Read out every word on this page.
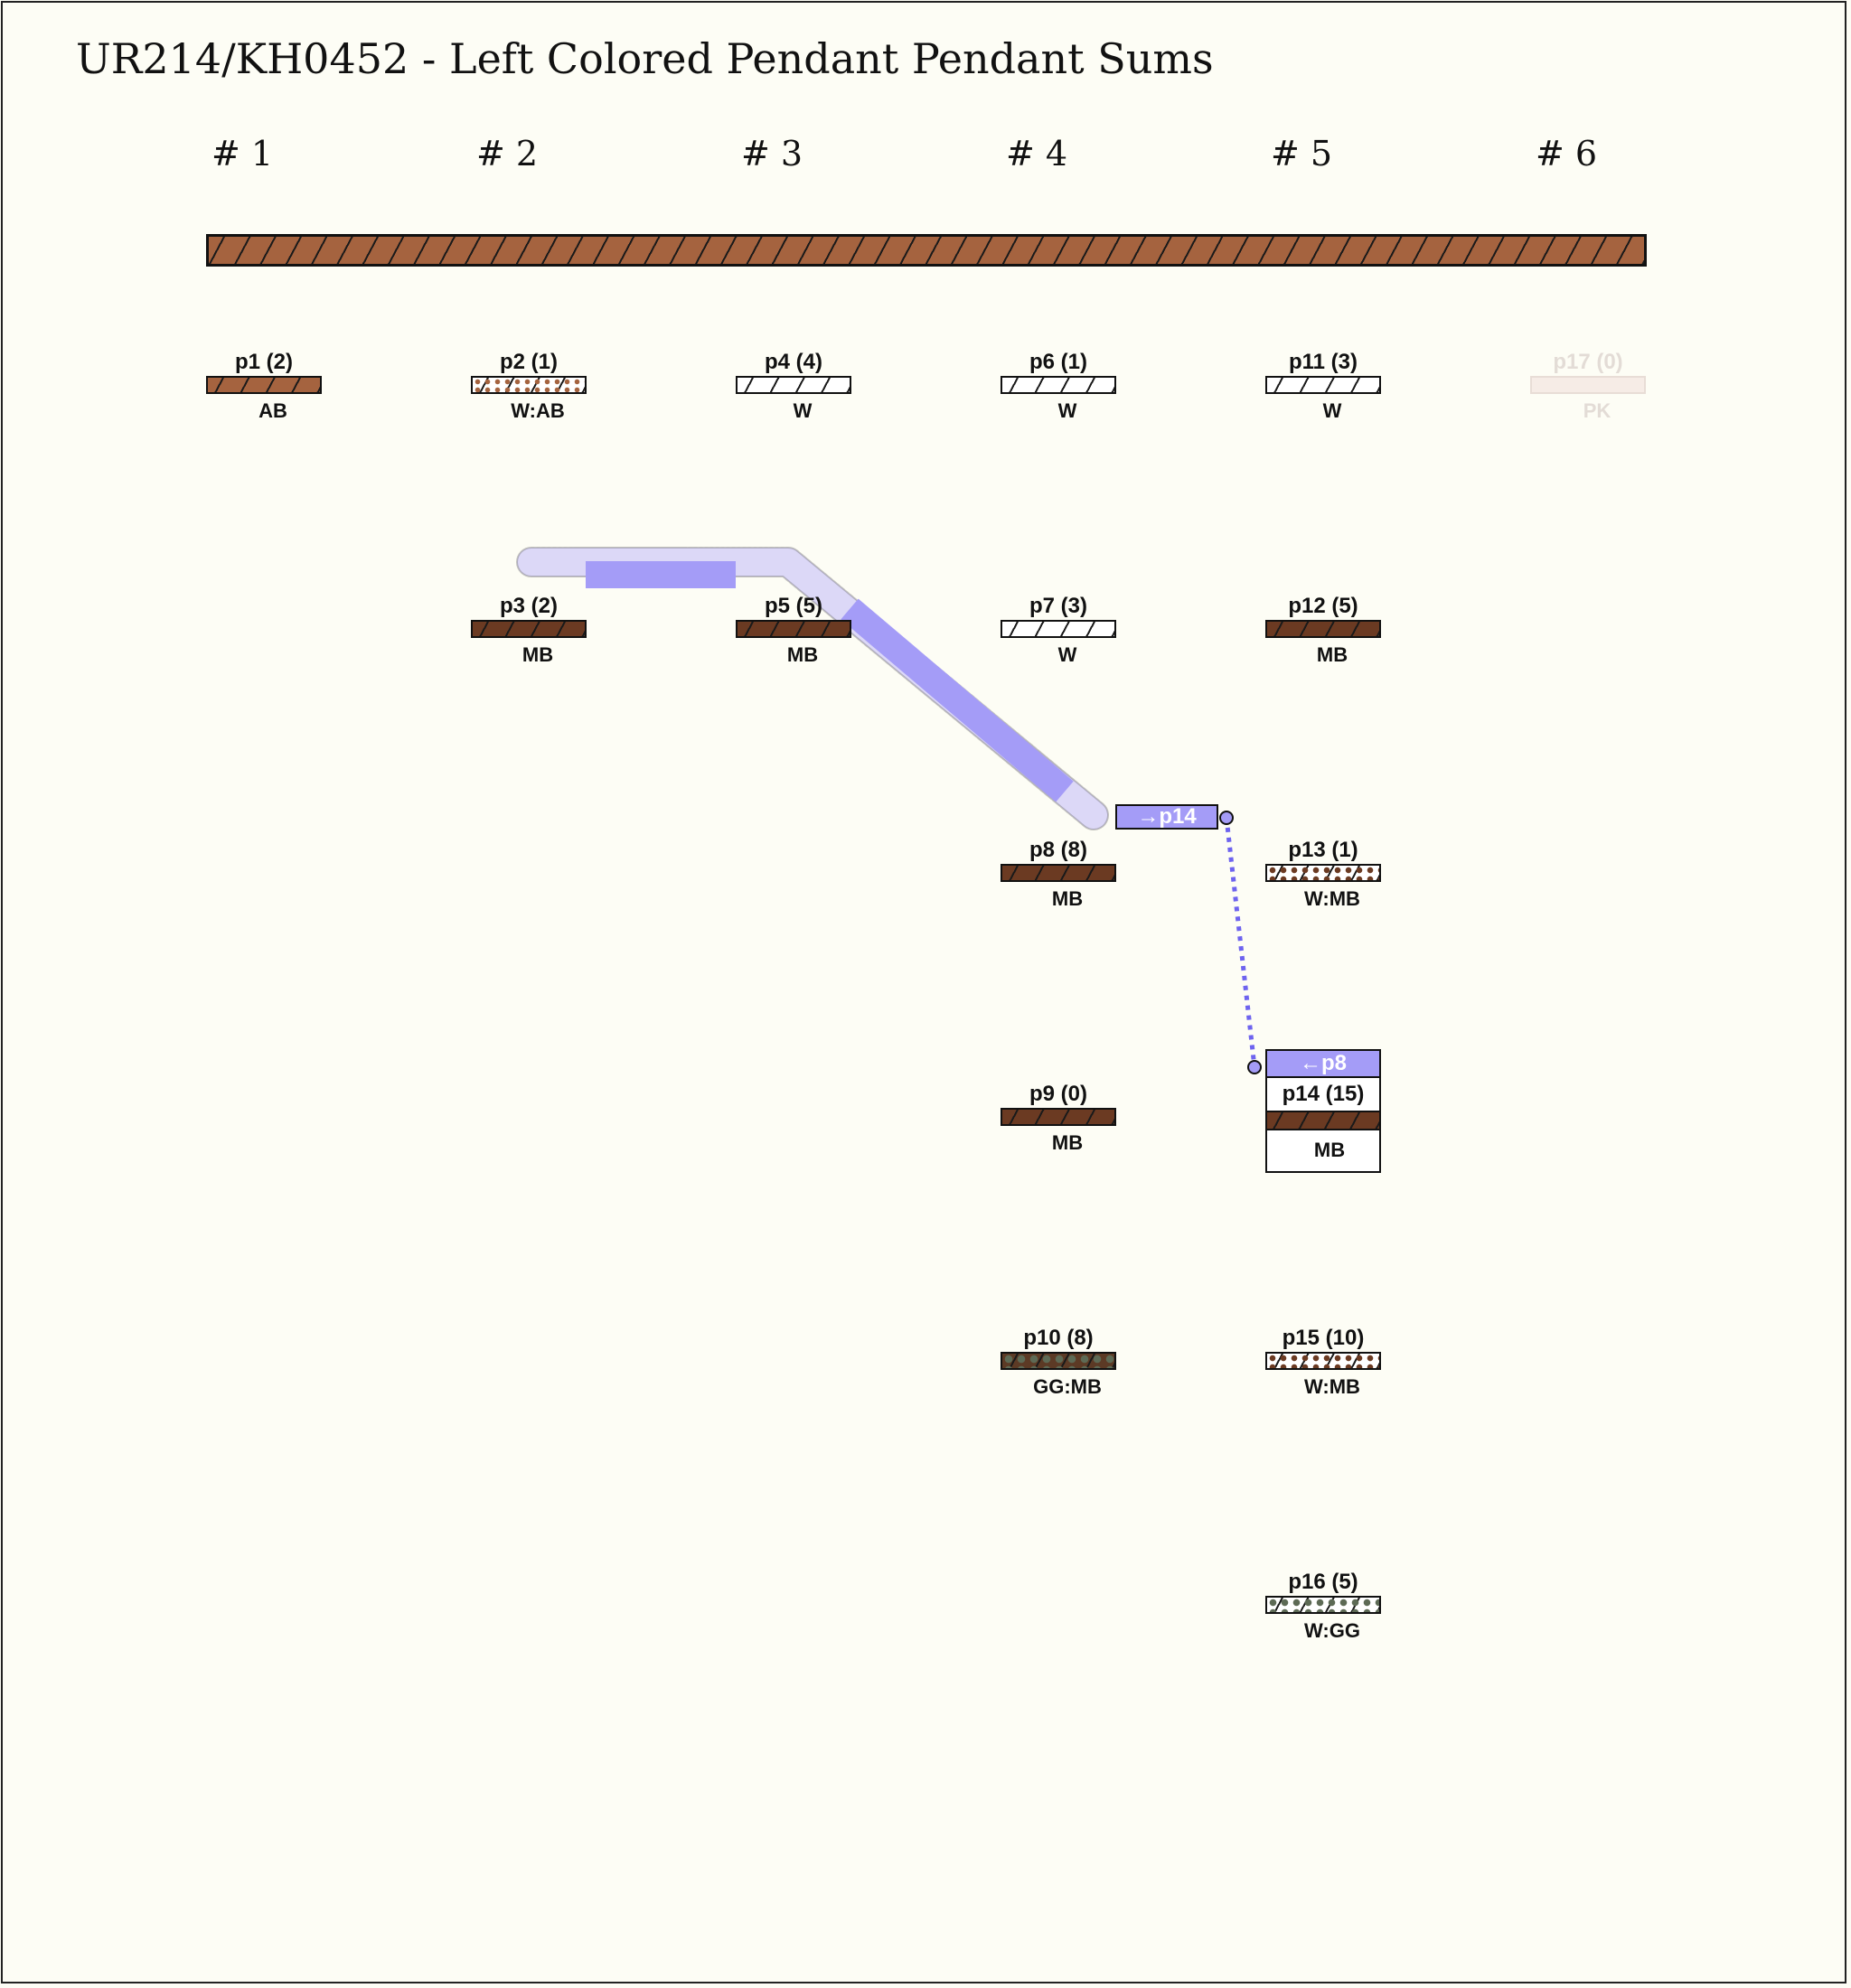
UR214/KH0452 - Left Colored Pendant Pendant Sums
# 1	# 2	# 3	# 4	# 5	# 6
p1 (2)
AB
p2 (1)
W:AB
p3 (2)
MB
p4 (4)
W
p5 (5)
MB
p6 (1)
W
p7 (3)
W
p8 (8)
MB
p9 (0)
MB
p10 (8)
GG:MB
p11 (3)
W
p12 (5)
MB
p13 (1)
W:MB
←p8
p14 (15)
MB
p15 (10)
W:MB
p16 (5)
W:GG
p17 (0)
PK
→p14
